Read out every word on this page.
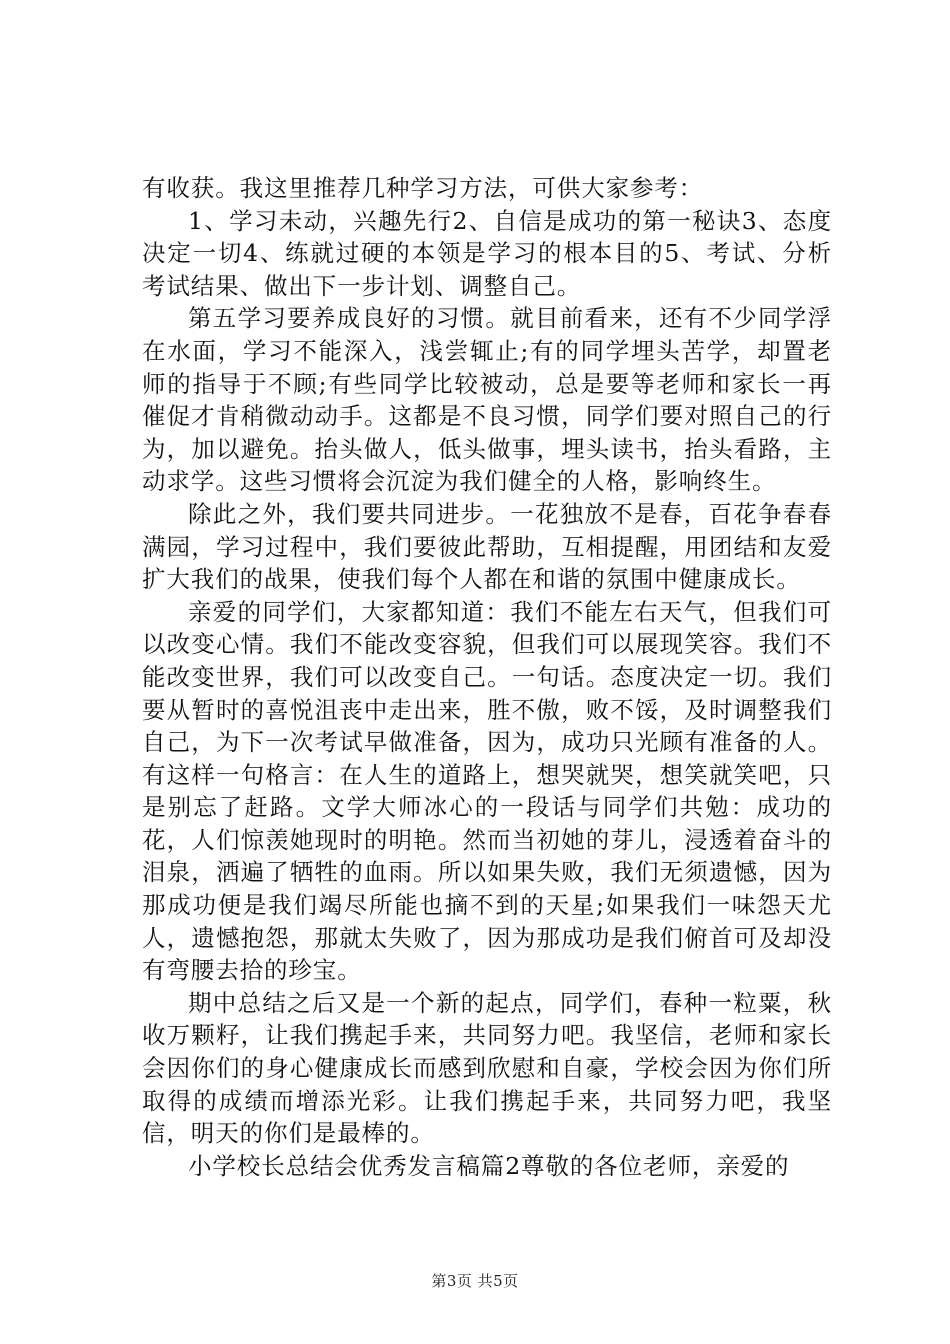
有收获。我这里推荐几种学习方法，可供大家参考：

1、学习未动，兴趣先行2、自信是成功的第一秘诀3、态度决定一切4、练就过硬的本领是学习的根本目的5、考试、分析考试结果、做出下一步计划、调整自己。

第五学习要养成良好的习惯。就目前看来，还有不少同学浮在水面，学习不能深入，浅尝辄止;有的同学埋头苦学，却置老师的指导于不顾;有些同学比较被动，总是要等老师和家长一再催促才肯稍微动动手。这都是不良习惯，同学们要对照自己的行为，加以避免。抬头做人，低头做事，埋头读书，抬头看路，主动求学。这些习惯将会沉淀为我们健全的人格，影响终生。

除此之外，我们要共同进步。一花独放不是春，百花争春春满园，学习过程中，我们要彼此帮助，互相提醒，用团结和友爱扩大我们的战果，使我们每个人都在和谐的氛围中健康成长。

亲爱的同学们，大家都知道：我们不能左右天气，但我们可以改变心情。我们不能改变容貌，但我们可以展现笑容。我们不能改变世界，我们可以改变自己。一句话。态度决定一切。我们要从暂时的喜悦沮丧中走出来，胜不傲，败不馁，及时调整我们自己，为下一次考试早做准备，因为，成功只光顾有准备的人。有这样一句格言：在人生的道路上，想哭就哭，想笑就笑吧，只是别忘了赶路。文学大师冰心的一段话与同学们共勉：成功的花，人们惊羡她现时的明艳。然而当初她的芽儿，浸透着奋斗的泪泉，洒遍了牺牲的血雨。所以如果失败，我们无须遗憾，因为那成功便是我们竭尽所能也摘不到的天星;如果我们一味怨天尤人，遗憾抱怨，那就太失败了，因为那成功是我们俯首可及却没有弯腰去拾的珍宝。

期中总结之后又是一个新的起点，同学们，春种一粒粟，秋收万颗籽，让我们携起手来，共同努力吧。我坚信，老师和家长会因你们的身心健康成长而感到欣慰和自豪，学校会因为你们所取得的成绩而增添光彩。让我们携起手来，共同努力吧，我坚信，明天的你们是最棒的。

小学校长总结会优秀发言稿篇2尊敬的各位老师，亲爱的

第3页 共5页
